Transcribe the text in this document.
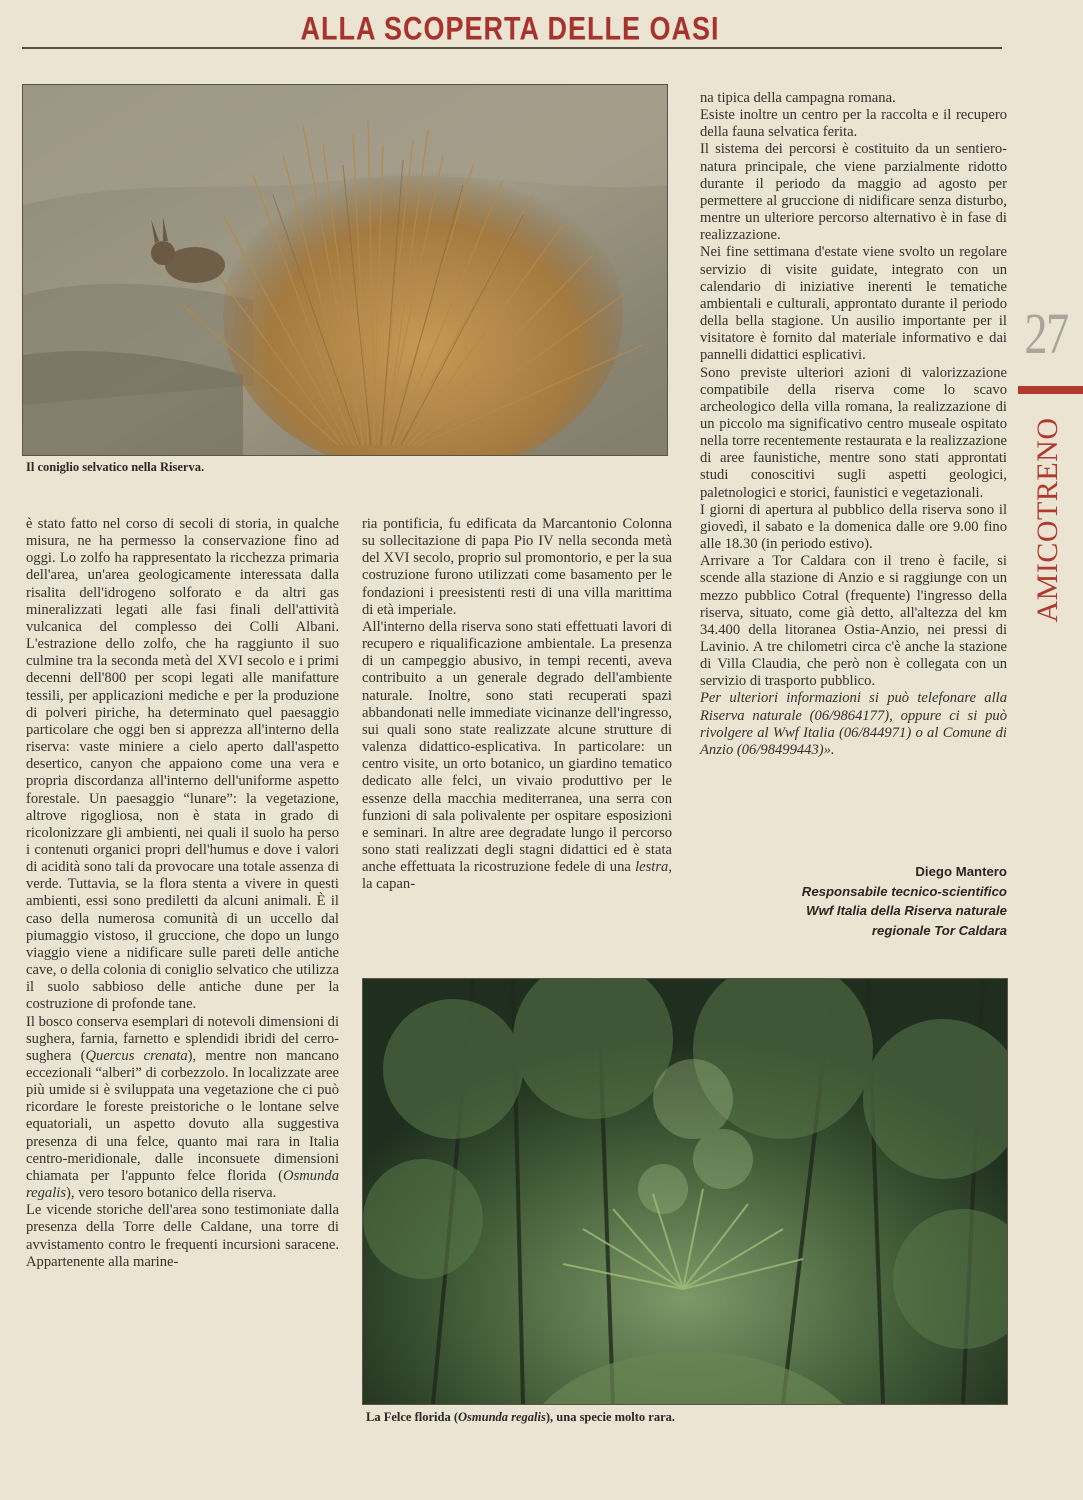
ALLA SCOPERTA DELLE OASI
Il coniglio selvatico nella Riserva.

è stato fatto nel corso di secoli di storia, in qualche misura, ne ha permesso la conservazione fino ad oggi. Lo zolfo ha rappresentato la ricchezza primaria dell'area, un'area geologicamente interessata dalla risalita dell'idrogeno solforato e da altri gas mineralizzati legati alle fasi finali dell'attività vulcanica del complesso dei Colli Albani. L'estrazione dello zolfo, che ha raggiunto il suo culmine tra la seconda metà del XVI secolo e i primi decenni dell'800 per scopi legati alle manifatture tessili, per applicazioni mediche e per la produzione di polveri piriche, ha determinato quel paesaggio particolare che oggi ben si apprezza all'interno della riserva: vaste miniere a cielo aperto dall'aspetto desertico, canyon che appaiono come una vera e propria discordanza all'interno dell'uniforme aspetto forestale. Un paesaggio “lunare”: la vegetazione, altrove rigogliosa, non è stata in grado di ricolonizzare gli ambienti, nei quali il suolo ha perso i contenuti organici propri dell'humus e dove i valori di acidità sono tali da provocare una totale assenza di verde. Tuttavia, se la flora stenta a vivere in questi ambienti, essi sono prediletti da alcuni animali. È il caso della numerosa comunità di un uccello dal piumaggio vistoso, il gruccione, che dopo un lungo viaggio viene a nidificare sulle pareti delle antiche cave, o della colonia di coniglio selvatico che utilizza il suolo sabbioso delle antiche dune per la costruzione di profonde tane.

Il bosco conserva esemplari di notevoli dimensioni di sughera, farnia, farnetto e splendidi ibridi del cerro-sughera (Quercus crenata), mentre non mancano eccezionali “alberi” di corbezzolo. In localizzate aree più umide si è sviluppata una vegetazione che ci può ricordare le foreste preistoriche o le lontane selve equatoriali, un aspetto dovuto alla suggestiva presenza di una felce, quanto mai rara in Italia centro-meridionale, dalle inconsuete dimensioni chiamata per l'appunto felce florida (Osmunda regalis), vero tesoro botanico della riserva.

Le vicende storiche dell'area sono testimoniate dalla presenza della Torre delle Caldane, una torre di avvistamento contro le frequenti incursioni saracene. Appartenente alla marine-

ria pontificia, fu edificata da Marcantonio Colonna su sollecitazione di papa Pio IV nella seconda metà del XVI secolo, proprio sul promontorio, e per la sua costruzione furono utilizzati come basamento per le fondazioni i preesistenti resti di una villa marittima di età imperiale.

All'interno della riserva sono stati effettuati lavori di recupero e riqualificazione ambientale. La presenza di un campeggio abusivo, in tempi recenti, aveva contribuito a un generale degrado dell'ambiente naturale. Inoltre, sono stati recuperati spazi abbandonati nelle immediate vicinanze dell'ingresso, sui quali sono state realizzate alcune strutture di valenza didattico-esplicativa. In particolare: un centro visite, un orto botanico, un giardino tematico dedicato alle felci, un vivaio produttivo per le essenze della macchia mediterranea, una serra con funzioni di sala polivalente per ospitare esposizioni e seminari. In altre aree degradate lungo il percorso sono stati realizzati degli stagni didattici ed è stata anche effettuata la ricostruzione fedele di una lestra, la capan-

na tipica della campagna romana.

Esiste inoltre un centro per la raccolta e il recupero della fauna selvatica ferita.

Il sistema dei percorsi è costituito da un sentiero-natura principale, che viene parzialmente ridotto durante il periodo da maggio ad agosto per permettere al gruccione di nidificare senza disturbo, mentre un ulteriore percorso alternativo è in fase di realizzazione.

Nei fine settimana d'estate viene svolto un regolare servizio di visite guidate, integrato con un calendario di iniziative inerenti le tematiche ambientali e culturali, approntato durante il periodo della bella stagione. Un ausilio importante per il visitatore è fornito dal materiale informativo e dai pannelli didattici esplicativi.

Sono previste ulteriori azioni di valorizzazione compatibile della riserva come lo scavo archeologico della villa romana, la realizzazione di un piccolo ma significativo centro museale ospitato nella torre recentemente restaurata e la realizzazione di aree faunistiche, mentre sono stati approntati studi conoscitivi sugli aspetti geologici, paletnologici e storici, faunistici e vegetazionali.

I giorni di apertura al pubblico della riserva sono il giovedì, il sabato e la domenica dalle ore 9.00 fino alle 18.30 (in periodo estivo).

Arrivare a Tor Caldara con il treno è facile, si scende alla stazione di Anzio e si raggiunge con un mezzo pubblico Cotral (frequente) l'ingresso della riserva, situato, come già detto, all'altezza del km 34.400 della litoranea Ostia-Anzio, nei pressi di Lavinio. A tre chilometri circa c'è anche la stazione di Villa Claudia, che però non è collegata con un servizio di trasporto pubblico.

Per ulteriori informazioni si può telefonare alla Riserva naturale (06/9864177), oppure ci si può rivolgere al Wwf Italia (06/844971) o al Comune di Anzio (06/98499443)».

Diego Mantero
Responsabile tecnico-scientifico
Wwf Italia della Riserva naturale
regionale Tor Caldara
La Felce florida (Osmunda regalis), una specie molto rara.
27
AMICOTRENO
